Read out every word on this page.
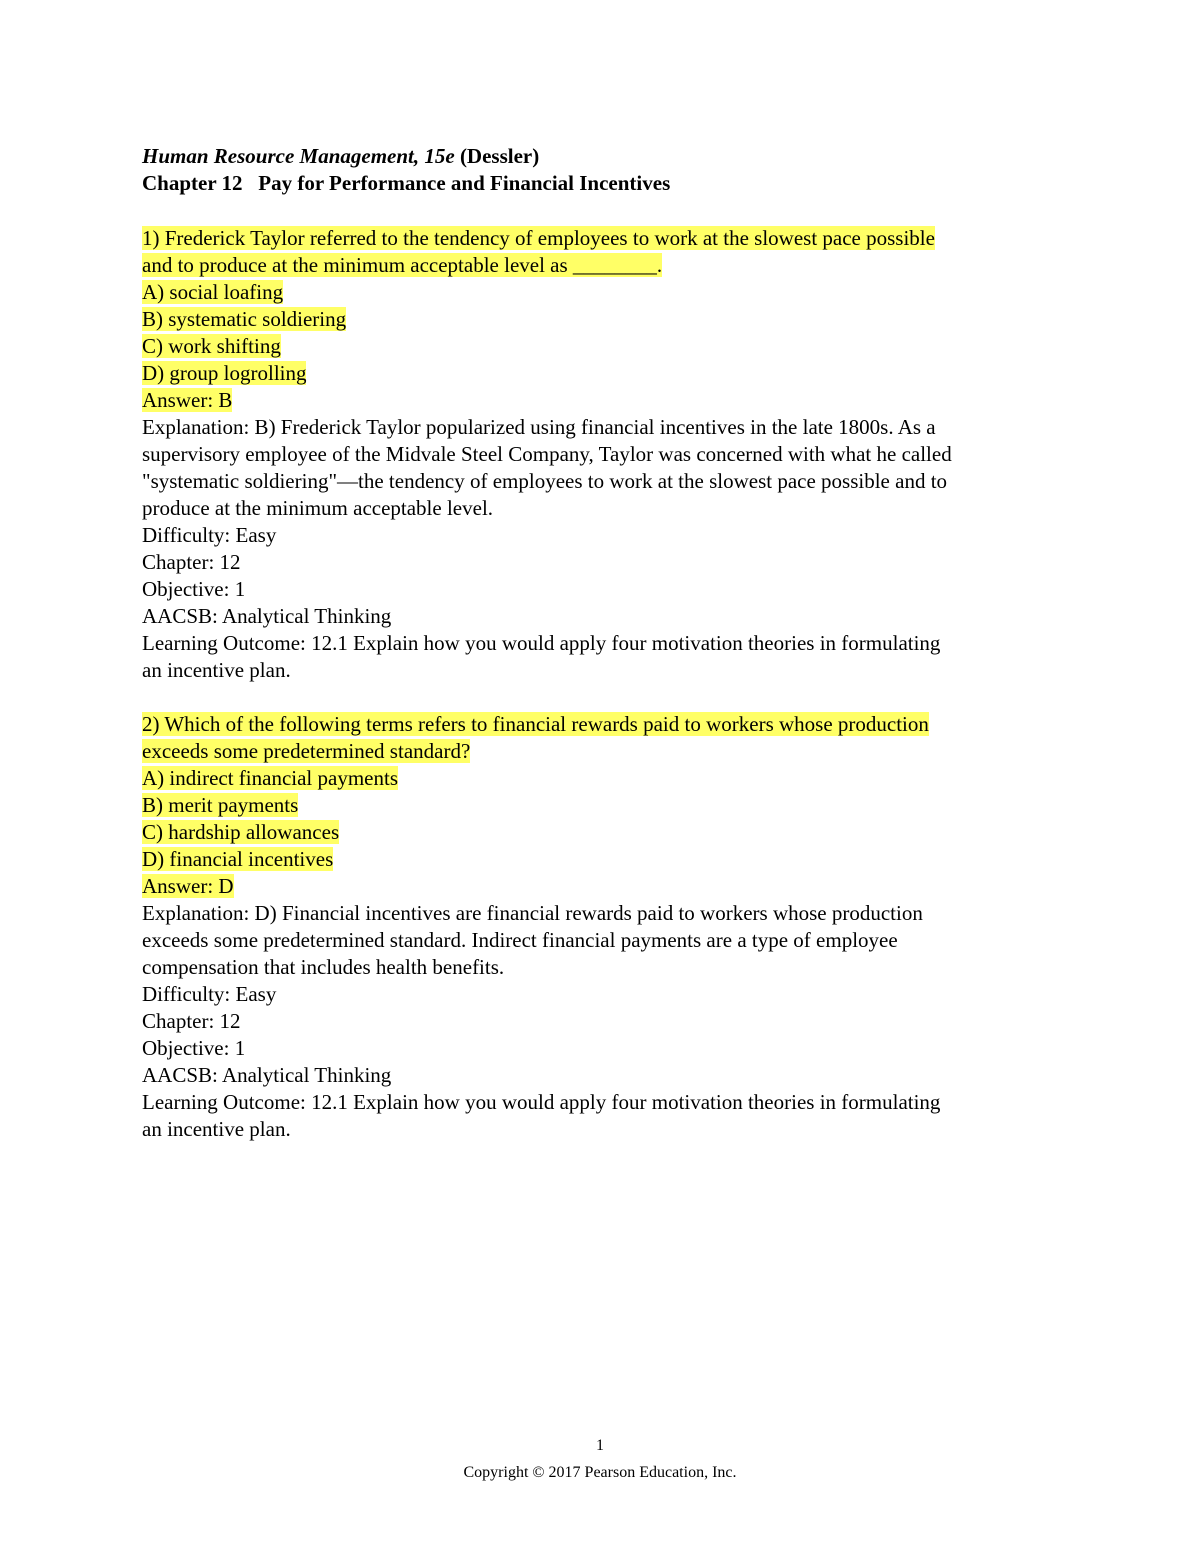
Human Resource Management, 15e (Dessler)
Chapter 12 Pay for Performance and Financial Incentives
1) Frederick Taylor referred to the tendency of employees to work at the slowest pace possible
and to produce at the minimum acceptable level as ________.
A) social loafing
B) systematic soldiering
C) work shifting
D) group logrolling
Answer: B
Explanation: B) Frederick Taylor popularized using financial incentives in the late 1800s. As a
supervisory employee of the Midvale Steel Company, Taylor was concerned with what he called
"systematic soldiering"—the tendency of employees to work at the slowest pace possible and to
produce at the minimum acceptable level.
Difficulty: Easy
Chapter: 12
Objective: 1
AACSB: Analytical Thinking
Learning Outcome: 12.1 Explain how you would apply four motivation theories in formulating
an incentive plan.
2) Which of the following terms refers to financial rewards paid to workers whose production
exceeds some predetermined standard?
A) indirect financial payments
B) merit payments
C) hardship allowances
D) financial incentives
Answer: D
Explanation: D) Financial incentives are financial rewards paid to workers whose production
exceeds some predetermined standard. Indirect financial payments are a type of employee
compensation that includes health benefits.
Difficulty: Easy
Chapter: 12
Objective: 1
AACSB: Analytical Thinking
Learning Outcome: 12.1 Explain how you would apply four motivation theories in formulating
an incentive plan.
1
Copyright © 2017 Pearson Education, Inc.
